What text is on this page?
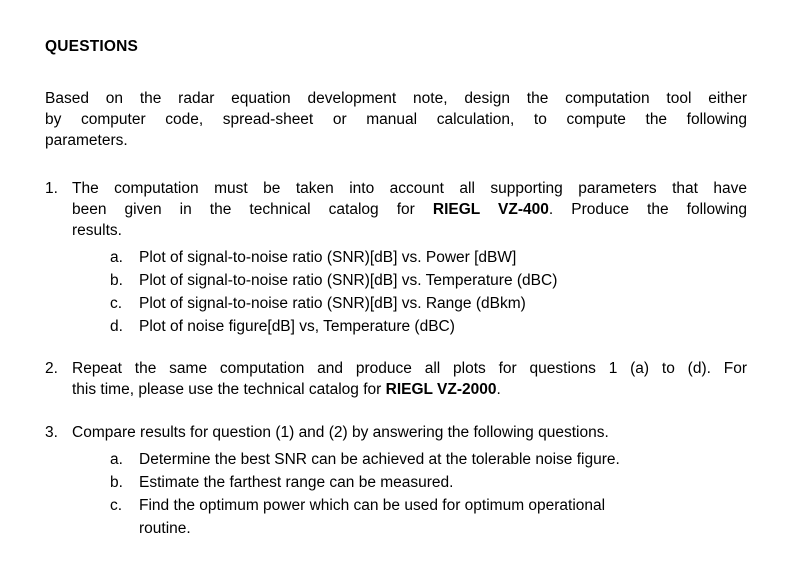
QUESTIONS
Based on the radar equation development note, design the computation tool either
by computer code, spread-sheet or manual calculation, to compute the following
parameters.
1. The computation must be taken into account all supporting parameters that have
been given in the technical catalog for RIEGL VZ-400. Produce the following
results.
a.	Plot of signal-to-noise ratio (SNR)[dB] vs. Power [dBW]
b.	Plot of signal-to-noise ratio (SNR)[dB] vs. Temperature (dBC)
c.	Plot of signal-to-noise ratio (SNR)[dB] vs. Range (dBkm)
d.	Plot of noise figure[dB] vs, Temperature (dBC)
2. Repeat the same computation and produce all plots for questions 1 (a) to (d). For
this time, please use the technical catalog for RIEGL VZ-2000.
3. Compare results for question (1) and (2) by answering the following questions.
a.	Determine the best SNR can be achieved at the tolerable noise figure.
b.	Estimate the farthest range can be measured.
c.	Find the optimum power which can be used for optimum operational
routine.
